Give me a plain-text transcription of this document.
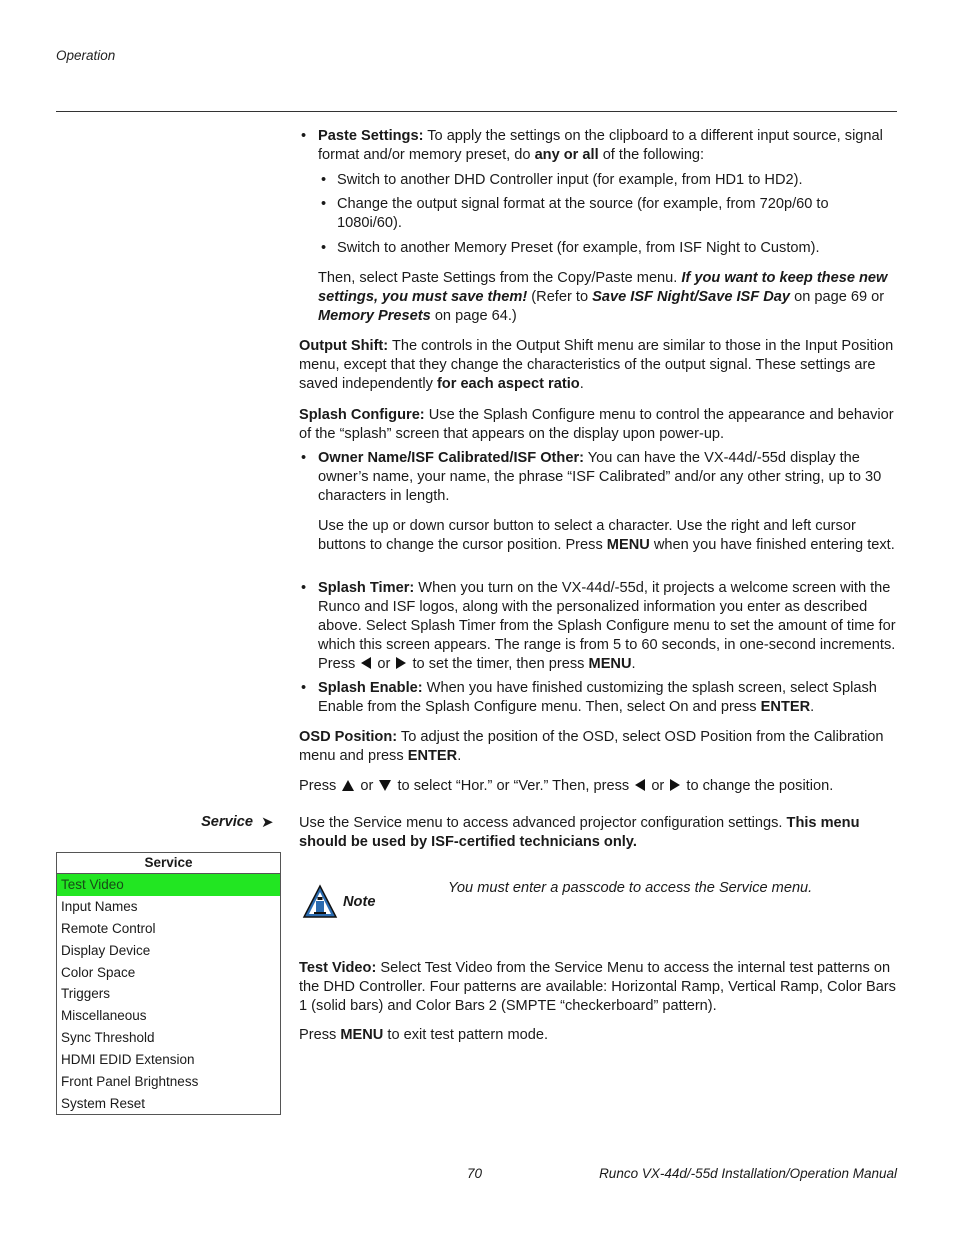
Operation
• Paste Settings: To apply the settings on the clipboard to a different input source, signal format and/or memory preset, do any or all of the following:
• Switch to another DHD Controller input (for example, from HD1 to HD2).
• Change the output signal format at the source (for example, from 720p/60 to 1080i/60).
• Switch to another Memory Preset (for example, from ISF Night to Custom).
Then, select Paste Settings from the Copy/Paste menu. If you want to keep these new settings, you must save them! (Refer to Save ISF Night/Save ISF Day on page 69 or Memory Presets on page 64.)
Output Shift: The controls in the Output Shift menu are similar to those in the Input Position menu, except that they change the characteristics of the output signal. These settings are saved independently for each aspect ratio.
Splash Configure: Use the Splash Configure menu to control the appearance and behavior of the “splash” screen that appears on the display upon power-up.
• Owner Name/ISF Calibrated/ISF Other: You can have the VX-44d/-55d display the owner’s name, your name, the phrase “ISF Calibrated” and/or any other string, up to 30 characters in length.
Use the up or down cursor button to select a character. Use the right and left cursor buttons to change the cursor position. Press MENU when you have finished entering text.
• Splash Timer: When you turn on the VX-44d/-55d, it projects a welcome screen with the Runco and ISF logos, along with the personalized information you enter as described above. Select Splash Timer from the Splash Configure menu to set the amount of time for which this screen appears. The range is from 5 to 60 seconds, in one-second increments. Press  or  to set the timer, then press MENU.
• Splash Enable: When you have finished customizing the splash screen, select Splash Enable from the Splash Configure menu. Then, select On and press ENTER.
OSD Position: To adjust the position of the OSD, select OSD Position from the Calibration menu and press ENTER.
Press  or  to select “Hor.” or “Ver.” Then, press  or  to change the position.
Service ➤ Use the Service menu to access advanced projector configuration settings. This menu should be used by ISF-certified technicians only.
Service
Test Video
Input Names
Remote Control
Display Device
Color Space
Triggers
Miscellaneous
Sync Threshold
HDMI EDID Extension
Front Panel Brightness
System Reset
Note
You must enter a passcode to access the Service menu.
Test Video: Select Test Video from the Service Menu to access the internal test patterns on the DHD Controller. Four patterns are available: Horizontal Ramp, Vertical Ramp, Color Bars 1 (solid bars) and Color Bars 2 (SMPTE “checkerboard” pattern).
Press MENU to exit test pattern mode.
70	Runco VX-44d/-55d Installation/Operation Manual
